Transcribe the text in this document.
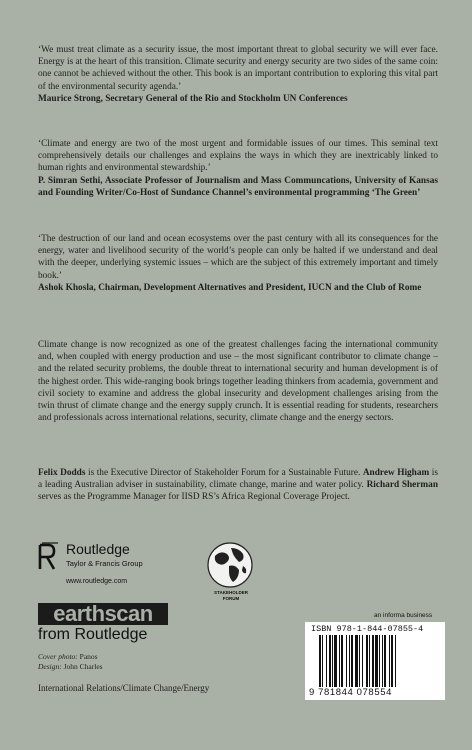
‘We must treat climate as a security issue, the most important threat to global security we will ever face. Energy is at the heart of this transition. Climate security and energy security are two sides of the same coin: one cannot be achieved without the other. This book is an important contribution to exploring this vital part of the environmental security agenda.’

Maurice Strong, Secretary General of the Rio and Stockholm UN Conferences

‘Climate and energy are two of the most urgent and formidable issues of our times. This seminal text comprehensively details our challenges and explains the ways in which they are inextricably linked to human rights and environmental stewardship.’

P. Simran Sethi, Associate Professor of Journalism and Mass Communcations, University of Kansas and Founding Writer/Co-Host of Sundance Channel’s environmental programming ‘The Green’

‘The destruction of our land and ocean ecosystems over the past century with all its consequences for the energy, water and livelihood security of the world’s people can only be halted if we understand and deal with the deeper, underlying systemic issues – which are the subject of this extremely important and timely book.’

Ashok Khosla, Chairman, Development Alternatives and President, IUCN and the Club of Rome

Climate change is now recognized as one of the greatest challenges facing the international community and, when coupled with energy production and use – the most significant contributor to climate change – and the related security problems, the double threat to international security and human development is of the highest order. This wide-ranging book brings together leading thinkers from academia, government and civil society to examine and address the global insecurity and development challenges arising from the twin thrust of climate change and the energy supply crunch. It is essential reading for students, researchers and professionals across international relations, security, climate change and the energy sectors.

Felix Dodds is the Executive Director of Stakeholder Forum for a Sustainable Future. Andrew Higham is a leading Australian adviser in sustainability, climate change, marine and water policy. Richard Sherman serves as the Programme Manager for IISD RS’s Africa Regional Coverage Project.

Routledge
Taylor & Francis Group
www.routledge.com
STAKEHOLDER
FORUM
earthscan
from Routledge
Cover photo: Panos
Design: John Charles
International Relations/Climate Change/Energy
an informa business
ISBN 978-1-844-07855-4
9 781844 078554
